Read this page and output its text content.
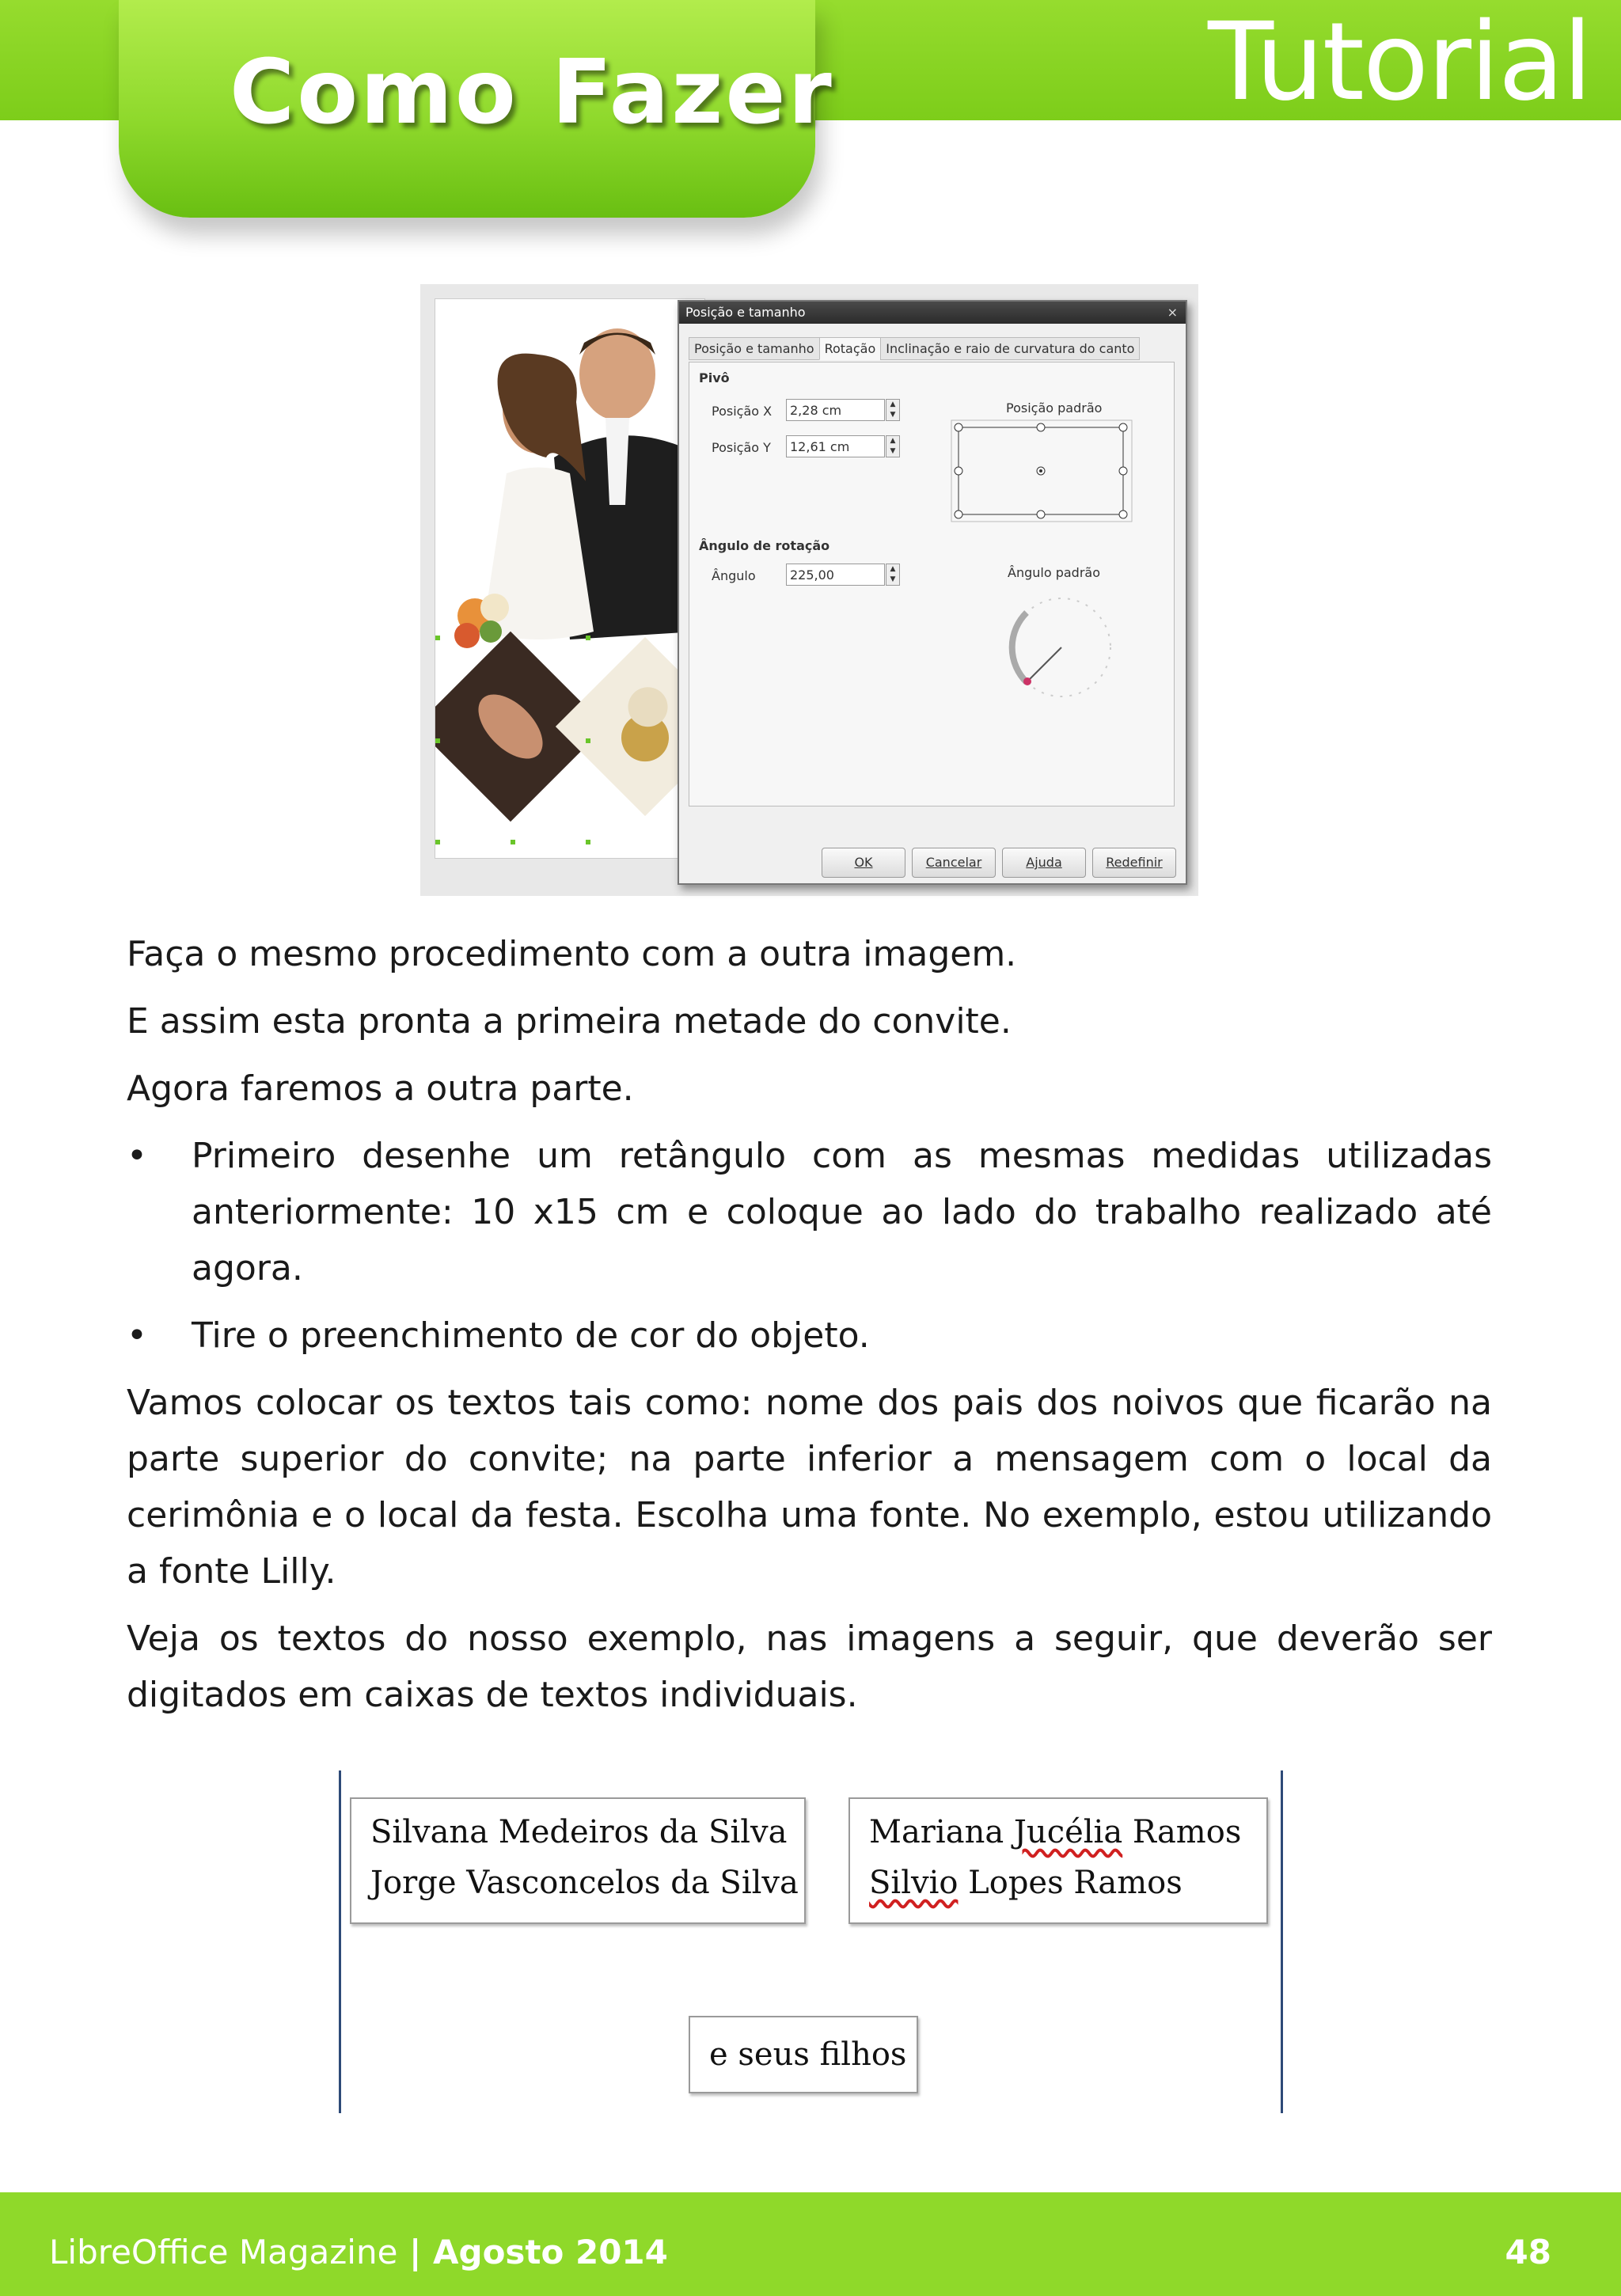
Como Fazer	Tutorial
Posição e tamanho	×
Posição e tamanho Rotação Inclinação e raio de curvatura do canto
Pivô
Posição X	2,28 cm	▲
▼
Posição Y	12,61 cm	▲
▼
Posição padrão
Ângulo de rotação
Ângulo	225,00	▲
▼	Ângulo padrão
OK	Cancelar	Ajuda	Redefinir

Faça o mesmo procedimento com a outra imagem.

E assim esta pronta a primeira metade do convite.

Agora faremos a outra parte.

• Primeiro desenhe um retângulo com as mesmas medidas utilizadas anteriormente: 10 x15 cm e coloque ao lado do trabalho realizado até agora.
• Tire o preenchimento de cor do objeto.

Vamos colocar os textos tais como: nome dos pais dos noivos que ficarão na parte superior do convite; na parte inferior a mensagem com o local da cerimônia e o local da festa. Escolha uma fonte. No exemplo, estou utilizando a fonte Lilly.

Veja os textos do nosso exemplo, nas imagens a seguir, que deverão ser digitados em caixas de textos individuais.

Silvana Medeiros da Silva
Jorge Vasconcelos da Silva
Mariana Jucélia Ramos
Silvio Lopes Ramos
e seus filhos
LibreOffice Magazine | Agosto 2014	48
